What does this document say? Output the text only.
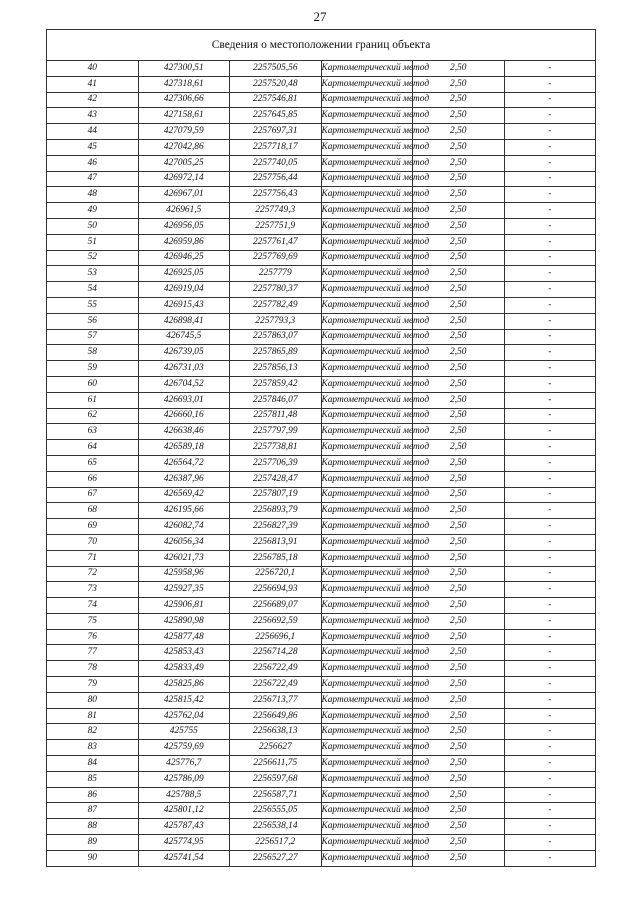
27
Сведения о местоположении границ объекта					
40	427300,51	2257505,56	Картометрический метод	2,50	-
41	427318,61	2257520,48	Картометрический метод	2,50	-
42	427306,66	2257546,81	Картометрический метод	2,50	-
43	427158,61	2257645,85	Картометрический метод	2,50	-
44	427079,59	2257697,31	Картометрический метод	2,50	-
45	427042,86	2257718,17	Картометрический метод	2,50	-
46	427005,25	2257740,05	Картометрический метод	2,50	-
47	426972,14	2257756,44	Картометрический метод	2,50	-
48	426967,01	2257756,43	Картометрический метод	2,50	-
49	426961,5	2257749,3	Картометрический метод	2,50	-
50	426956,05	2257751,9	Картометрический метод	2,50	-
51	426959,86	2257761,47	Картометрический метод	2,50	-
52	426946,25	2257769,69	Картометрический метод	2,50	-
53	426925,05	2257779	Картометрический метод	2,50	-
54	426919,04	2257780,37	Картометрический метод	2,50	-
55	426915,43	2257782,49	Картометрический метод	2,50	-
56	426898,41	2257793,3	Картометрический метод	2,50	-
57	426745,5	2257863,07	Картометрический метод	2,50	-
58	426739,05	2257865,89	Картометрический метод	2,50	-
59	426731,03	2257856,13	Картометрический метод	2,50	-
60	426704,52	2257859,42	Картометрический метод	2,50	-
61	426693,01	2257846,07	Картометрический метод	2,50	-
62	426660,16	2257811,48	Картометрический метод	2,50	-
63	426638,46	2257797,99	Картометрический метод	2,50	-
64	426589,18	2257738,81	Картометрический метод	2,50	-
65	426564,72	2257706,39	Картометрический метод	2,50	-
66	426387,96	2257428,47	Картометрический метод	2,50	-
67	426569,42	2257807,19	Картометрический метод	2,50	-
68	426195,66	2256893,79	Картометрический метод	2,50	-
69	426082,74	2256827,39	Картометрический метод	2,50	-
70	426056,34	2256813,91	Картометрический метод	2,50	-
71	426021,73	2256785,18	Картометрический метод	2,50	-
72	425958,96	2256720,1	Картометрический метод	2,50	-
73	425927,35	2256694,93	Картометрический метод	2,50	-
74	425906,81	2256689,07	Картометрический метод	2,50	-
75	425890,98	2256692,59	Картометрический метод	2,50	-
76	425877,48	2256696,1	Картометрический метод	2,50	-
77	425853,43	2256714,28	Картометрический метод	2,50	-
78	425833,49	2256722,49	Картометрический метод	2,50	-
79	425825,86	2256722,49	Картометрический метод	2,50	-
80	425815,42	2256713,77	Картометрический метод	2,50	-
81	425762,04	2256649,86	Картометрический метод	2,50	-
82	425755	2256638,13	Картометрический метод	2,50	-
83	425759,69	2256627	Картометрический метод	2,50	-
84	425776,7	2256611,75	Картометрический метод	2,50	-
85	425786,09	2256597,68	Картометрический метод	2,50	-
86	425788,5	2256587,71	Картометрический метод	2,50	-
87	425801,12	2256555,05	Картометрический метод	2,50	-
88	425787,43	2256538,14	Картометрический метод	2,50	-
89	425774,95	2256517,2	Картометрический метод	2,50	-
90	425741,54	2256527,27	Картометрический метод	2,50	-
